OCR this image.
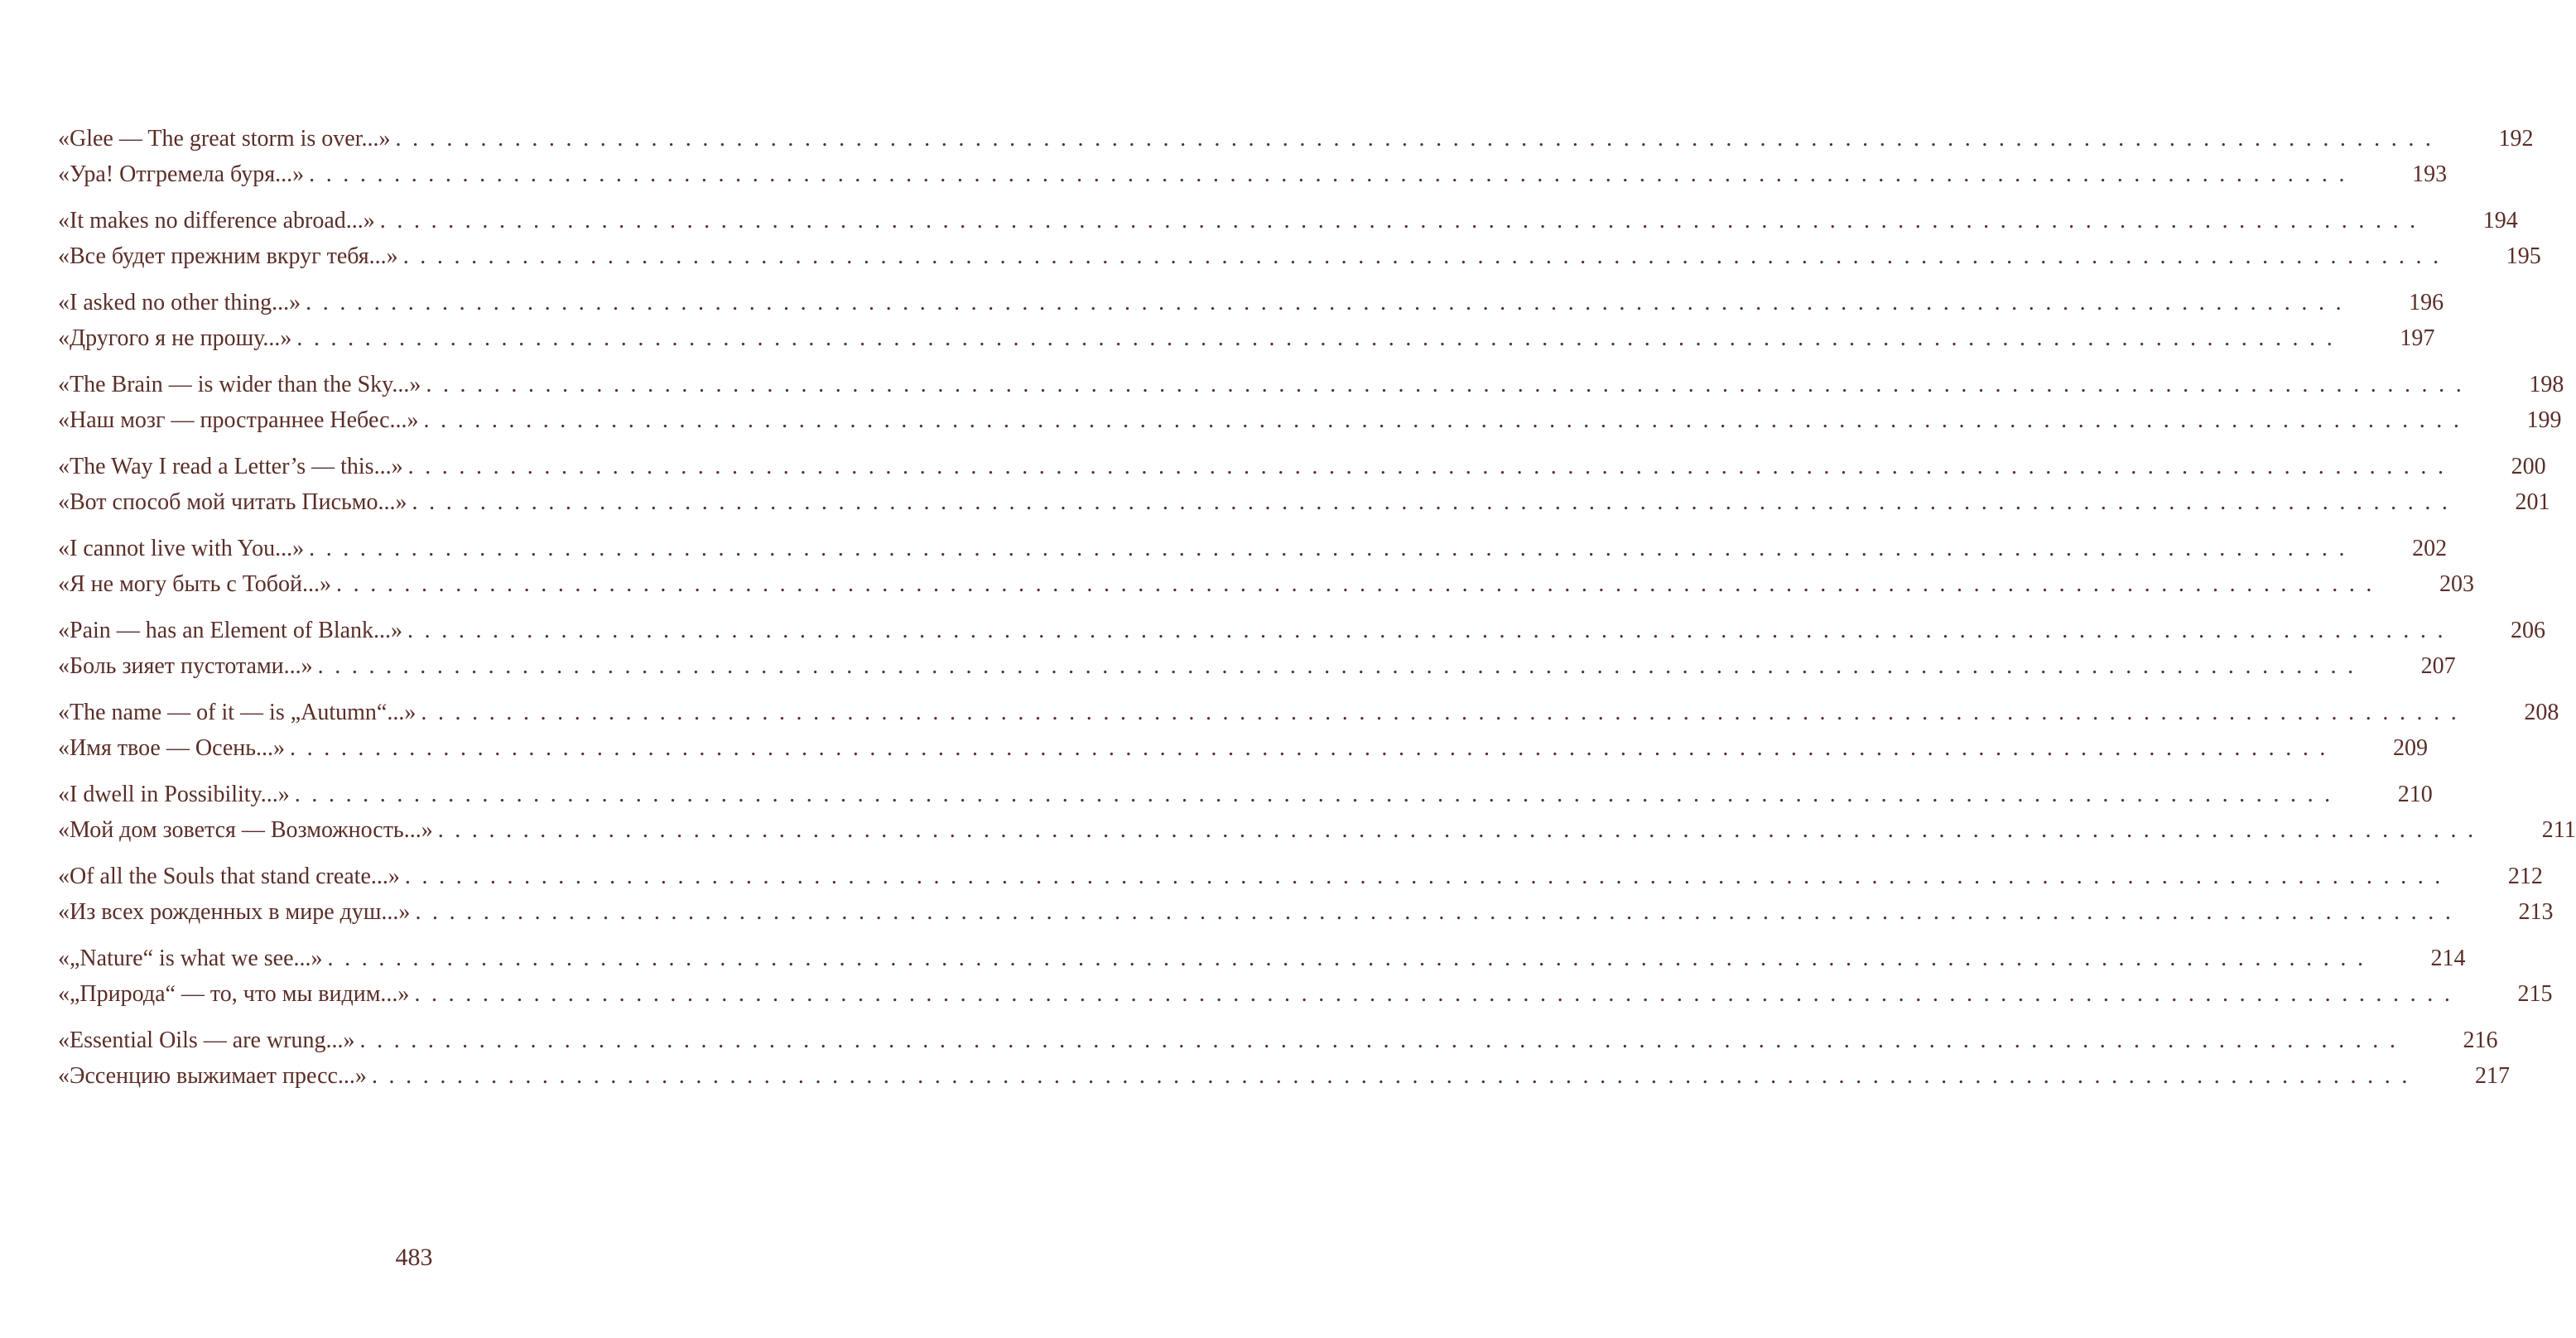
«Glee — The great storm is over...» ........................................................................................................................	192
«Ура! Отгремела буря...» ........................................................................................................................	193
«It makes no difference abroad...» ........................................................................................................................	194
«Все будет прежним вкруг тебя...» ........................................................................................................................	195
«I asked no other thing...» ........................................................................................................................	196
«Другого я не прошу...» ........................................................................................................................	197
«The Brain — is wider than the Sky...» ........................................................................................................................	198
«Наш мозг — пространнее Небес...» ........................................................................................................................	199
«The Way I read a Letter’s — this...» ........................................................................................................................	200
«Вот способ мой читать Письмо...» ........................................................................................................................	201
«I cannot live with You...» ........................................................................................................................	202
«Я не могу быть с Тобой...» ........................................................................................................................	203
«Pain — has an Element of Blank...» ........................................................................................................................	206
«Боль зияет пустотами...» ........................................................................................................................	207
«The name — of it — is „Autumn“...» ........................................................................................................................	208
«Имя твое — Осень...» ........................................................................................................................	209
«I dwell in Possibility...» ........................................................................................................................	210
«Мой дом зовется — Возможность...» ........................................................................................................................	211
«Of all the Souls that stand create...» ........................................................................................................................	212
«Из всех рожденных в мире душ...» ........................................................................................................................	213
«„Nature“ is what we see...» ........................................................................................................................	214
«„Природа“ — то, что мы видим...» ........................................................................................................................	215
«Essential Oils — are wrung...» ........................................................................................................................	216
«Эссенцию выжимает пресс...» ........................................................................................................................	217
483
